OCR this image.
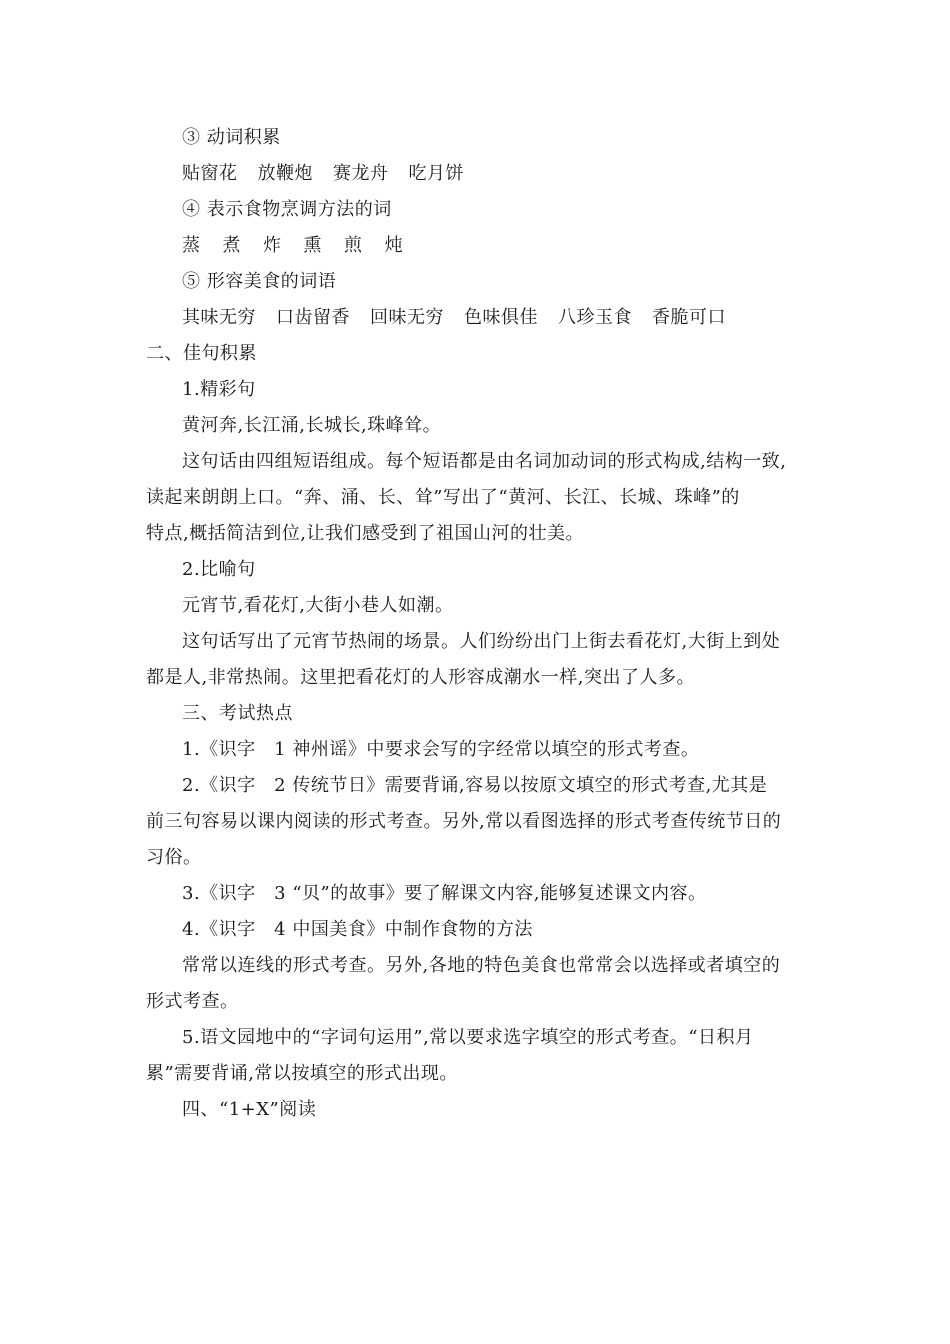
③ 动词积累
贴窗花 放鞭炮 赛龙舟 吃月饼
④ 表示食物烹调方法的词
蒸 煮 炸 熏 煎 炖
⑤ 形容美食的词语
其味无穷 口齿留香 回味无穷 色味俱佳 八珍玉食 香脆可口
二、佳句积累
1.精彩句
黄河奔,长江涌,长城长,珠峰耸。
这句话由四组短语组成。每个短语都是由名词加动词的形式构成,结构一致,
读起来朗朗上口。“奔、涌、长、耸”写出了“黄河、长江、长城、珠峰”的
特点,概括简洁到位,让我们感受到了祖国山河的壮美。
2.比喻句
元宵节,看花灯,大街小巷人如潮。
这句话写出了元宵节热闹的场景。人们纷纷出门上街去看花灯,大街上到处
都是人,非常热闹。这里把看花灯的人形容成潮水一样,突出了人多。
三、考试热点
1.《识字　1 神州谣》中要求会写的字经常以填空的形式考查。
2.《识字　2 传统节日》需要背诵,容易以按原文填空的形式考查,尤其是
前三句容易以课内阅读的形式考查。另外,常以看图选择的形式考查传统节日的
习俗。
3.《识字　3 “贝”的故事》要了解课文内容,能够复述课文内容。
4.《识字　4 中国美食》中制作食物的方法
常常以连线的形式考查。另外,各地的特色美食也常常会以选择或者填空的
形式考查。
5.语文园地中的“字词句运用”,常以要求选字填空的形式考查。“日积月
累”需要背诵,常以按填空的形式出现。
四、“1+X”阅读
